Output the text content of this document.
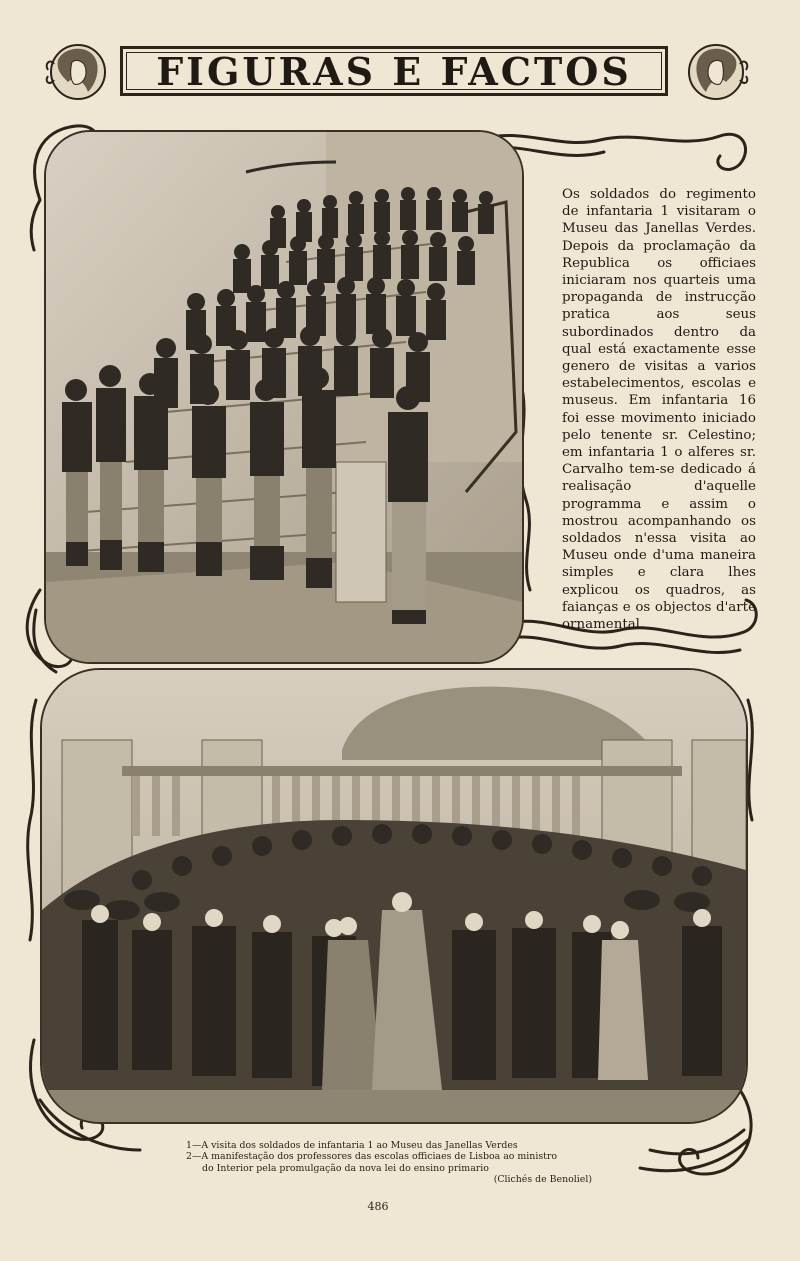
FIGURAS E FACTOS
Os soldados do regimento de infantaria 1 visitaram o Museu das Janellas Verdes. Depois da proclamação da Republica os officiaes iniciaram nos quarteis uma propaganda de instrucção pratica aos seus subordinados dentro da qual está exactamente esse genero de visitas a varios estabelecimentos, escolas e museus. Em infantaria 16 foi esse movimento iniciado pelo tenente sr. Celestino; em infantaria 1 o alferes sr. Carvalho tem-se dedicado á realisação d'aquelle programma e assim o mostrou acompanhando os soldados n'essa visita ao Museu onde d'uma maneira simples e clara lhes explicou os quadros, as faianças e os objectos d'arte ornamental.
1—A visita dos soldados de infantaria 1 ao Museu das Janellas Verdes
2—A manifestação dos professores das escolas officiaes de Lisboa ao ministro
do Interior pela promulgação da nova lei do ensino primario
(Clichés de Benoliel)
486
